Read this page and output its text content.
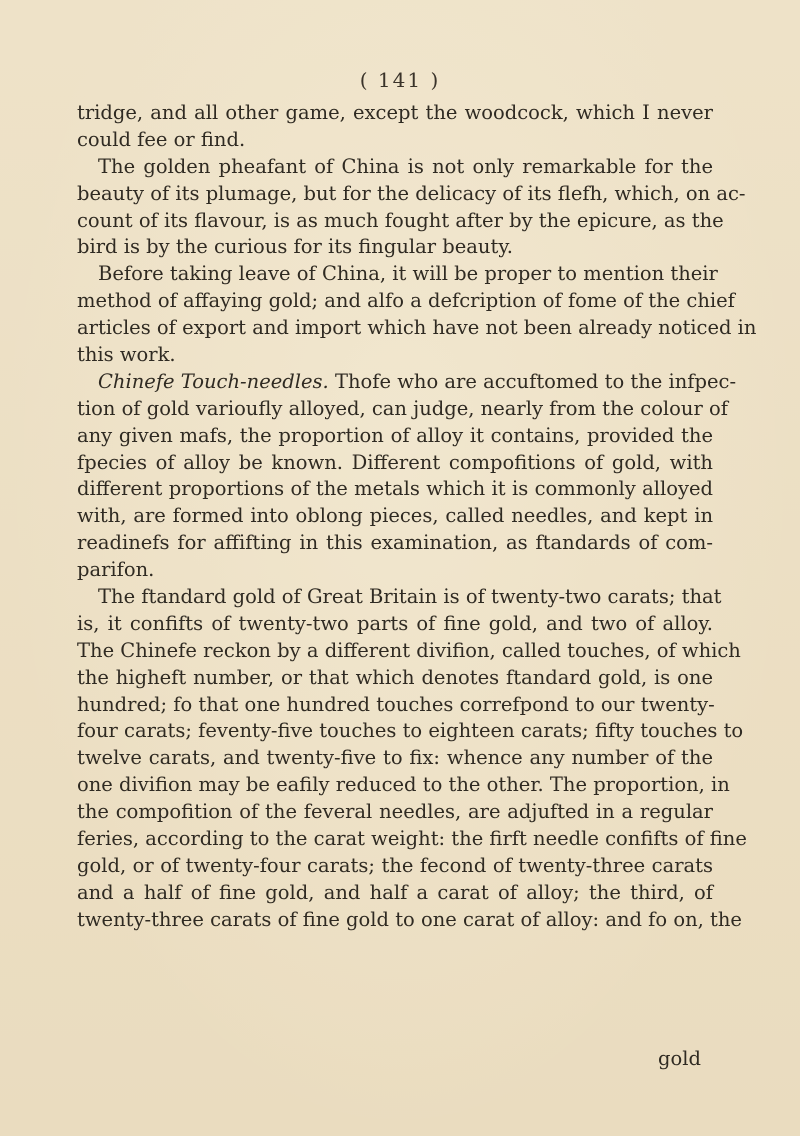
( 141 )
tridge, and all other game, except the woodcock, which I never
could fee or find.
The golden pheafant of China is not only remarkable for the
beauty of its plumage, but for the delicacy of its flefh, which, on ac-
count of its flavour, is as much fought after by the epicure, as the
bird is by the curious for its fingular beauty.
Before taking leave of China, it will be proper to mention their
method of affaying gold; and alfo a defcription of fome of the chief
articles of export and import which have not been already noticed in
this work.
Chinefe Touch-needles. Thofe who are accuftomed to the infpec-
tion of gold varioufly alloyed, can judge, nearly from the colour of
any given mafs, the proportion of alloy it contains, provided the
fpecies of alloy be known. Different compofitions of gold, with
different proportions of the metals which it is commonly alloyed
with, are formed into oblong pieces, called needles, and kept in
readinefs for affifting in this examination, as ftandards of com-
parifon.
The ftandard gold of Great Britain is of twenty-two carats; that
is, it confifts of twenty-two parts of fine gold, and two of alloy.
The Chinefe reckon by a different divifion, called touches, of which
the higheft number, or that which denotes ftandard gold, is one
hundred; fo that one hundred touches correfpond to our twenty-
four carats; feventy-five touches to eighteen carats; fifty touches to
twelve carats, and twenty-five to fix: whence any number of the
one divifion may be eafily reduced to the other. The proportion, in
the compofition of the feveral needles, are adjufted in a regular
feries, according to the carat weight: the firft needle confifts of fine
gold, or of twenty-four carats; the fecond of twenty-three carats
and a half of fine gold, and half a carat of alloy; the third, of
twenty-three carats of fine gold to one carat of alloy: and fo on, the
gold
